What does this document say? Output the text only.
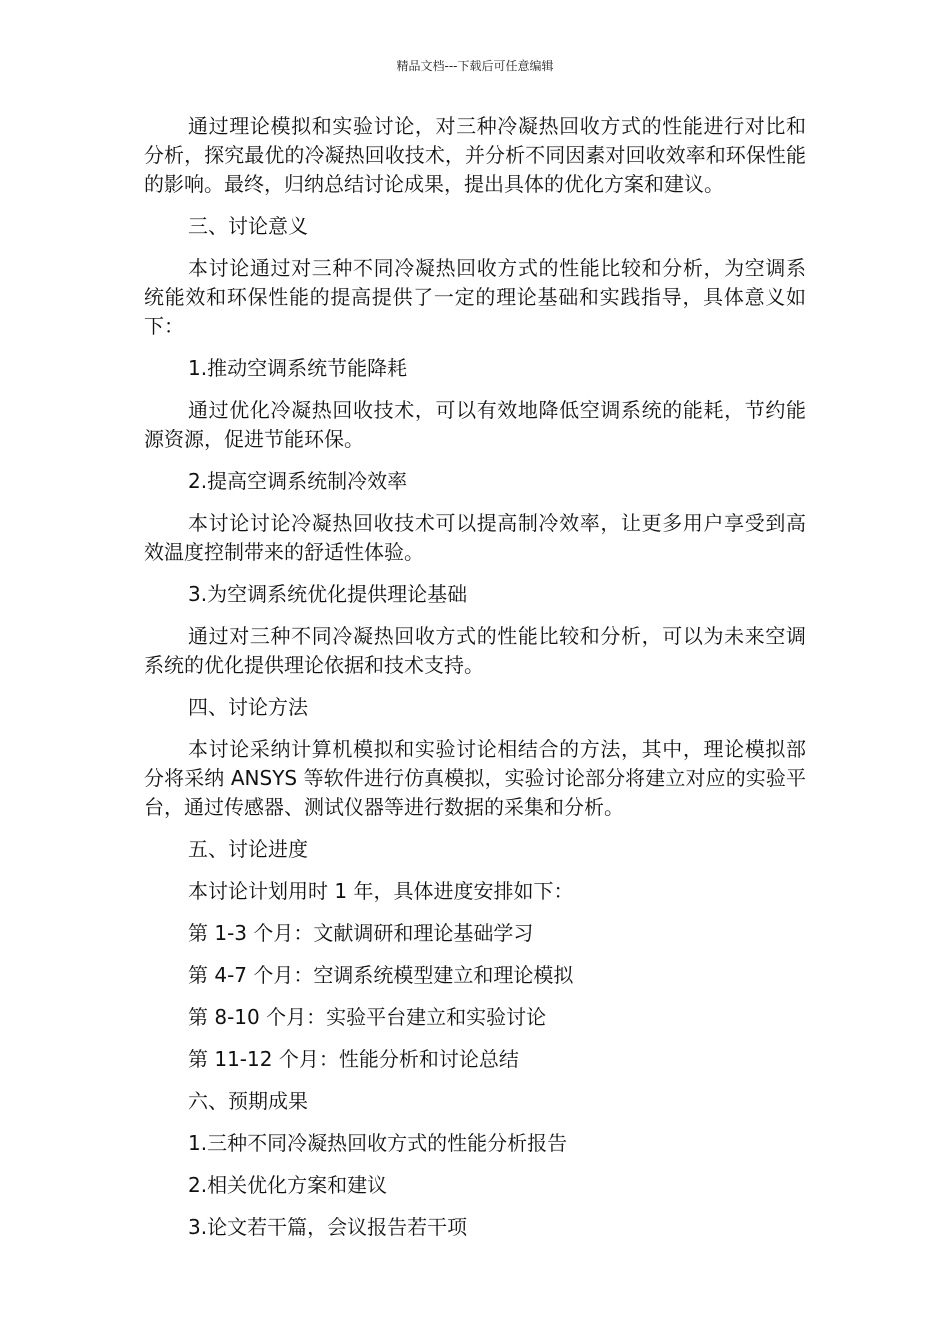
精品文档---下载后可任意编辑

通过理论模拟和实验讨论，对三种冷凝热回收方式的性能进行对比和分析，探究最优的冷凝热回收技术，并分析不同因素对回收效率和环保性能的影响。最终，归纳总结讨论成果，提出具体的优化方案和建议。

三、讨论意义

本讨论通过对三种不同冷凝热回收方式的性能比较和分析，为空调系统能效和环保性能的提高提供了一定的理论基础和实践指导，具体意义如下：

1.推动空调系统节能降耗

通过优化冷凝热回收技术，可以有效地降低空调系统的能耗，节约能源资源，促进节能环保。

2.提高空调系统制冷效率

本讨论讨论冷凝热回收技术可以提高制冷效率，让更多用户享受到高效温度控制带来的舒适性体验。

3.为空调系统优化提供理论基础

通过对三种不同冷凝热回收方式的性能比较和分析，可以为未来空调系统的优化提供理论依据和技术支持。

四、讨论方法

本讨论采纳计算机模拟和实验讨论相结合的方法，其中，理论模拟部分将采纳 ANSYS 等软件进行仿真模拟，实验讨论部分将建立对应的实验平台，通过传感器、测试仪器等进行数据的采集和分析。

五、讨论进度
本讨论计划用时 1 年，具体进度安排如下：
第 1-3 个月：文献调研和理论基础学习
第 4-7 个月：空调系统模型建立和理论模拟
第 8-10 个月：实验平台建立和实验讨论
第 11-12 个月：性能分析和讨论总结
六、预期成果
1.三种不同冷凝热回收方式的性能分析报告
2.相关优化方案和建议
3.论文若干篇，会议报告若干项
